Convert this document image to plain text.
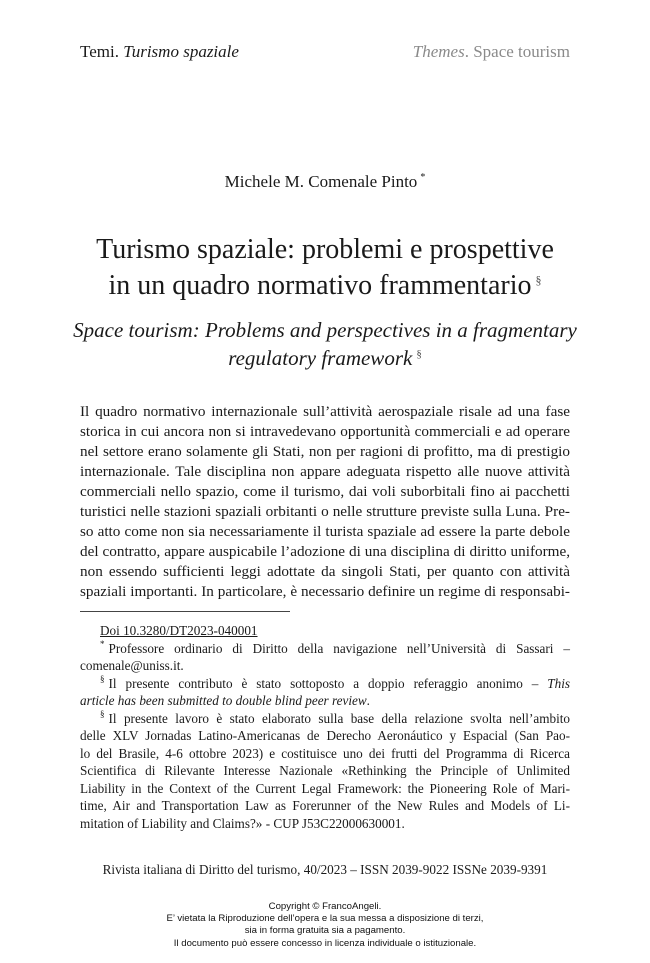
Temi. Turismo spaziale	Themes. Space tourism
Michele M. Comenale Pinto *
Turismo spaziale: problemi e prospettive
in un quadro normativo frammentario §
Space tourism: Problems and perspectives in a fragmentary
regulatory framework §
Il quadro normativo internazionale sull’attività aerospaziale risale ad una fase
storica in cui ancora non si intravedevano opportunità commerciali e ad operare
nel settore erano solamente gli Stati, non per ragioni di profitto, ma di prestigio
internazionale. Tale disciplina non appare adeguata rispetto alle nuove attività
commerciali nello spazio, come il turismo, dai voli suborbitali fino ai pacchetti
turistici nelle stazioni spaziali orbitanti o nelle strutture previste sulla Luna. Pre-
so atto come non sia necessariamente il turista spaziale ad essere la parte debole
del contratto, appare auspicabile l’adozione di una disciplina di diritto uniforme,
non essendo sufficienti leggi adottate da singoli Stati, per quanto con attività
spaziali importanti. In particolare, è necessario definire un regime di responsabi-
Doi 10.3280/DT2023-040001
* Professore ordinario di Diritto della navigazione nell’Università di Sassari –
comenale@uniss.it.
§ Il presente contributo è stato sottoposto a doppio referaggio anonimo – This
article has been submitted to double blind peer review.
§ Il presente lavoro è stato elaborato sulla base della relazione svolta nell’ambito
delle XLV Jornadas Latino-Americanas de Derecho Aeronáutico y Espacial (San Pao-
lo del Brasile, 4-6 ottobre 2023) e costituisce uno dei frutti del Programma di Ricerca
Scientifica di Rilevante Interesse Nazionale «Rethinking the Principle of Unlimited
Liability in the Context of the Current Legal Framework: the Pioneering Role of Mari-
time, Air and Transportation Law as Forerunner of the New Rules and Models of Li-
mitation of Liability and Claims?» - CUP J53C22000630001.
Rivista italiana di Diritto del turismo, 40/2023 – ISSN 2039-9022 ISSNe 2039-9391
Copyright © FrancoAngeli.
E’ vietata la Riproduzione dell’opera e la sua messa a disposizione di terzi,
sia in forma gratuita sia a pagamento.
Il documento può essere concesso in licenza individuale o istituzionale.
